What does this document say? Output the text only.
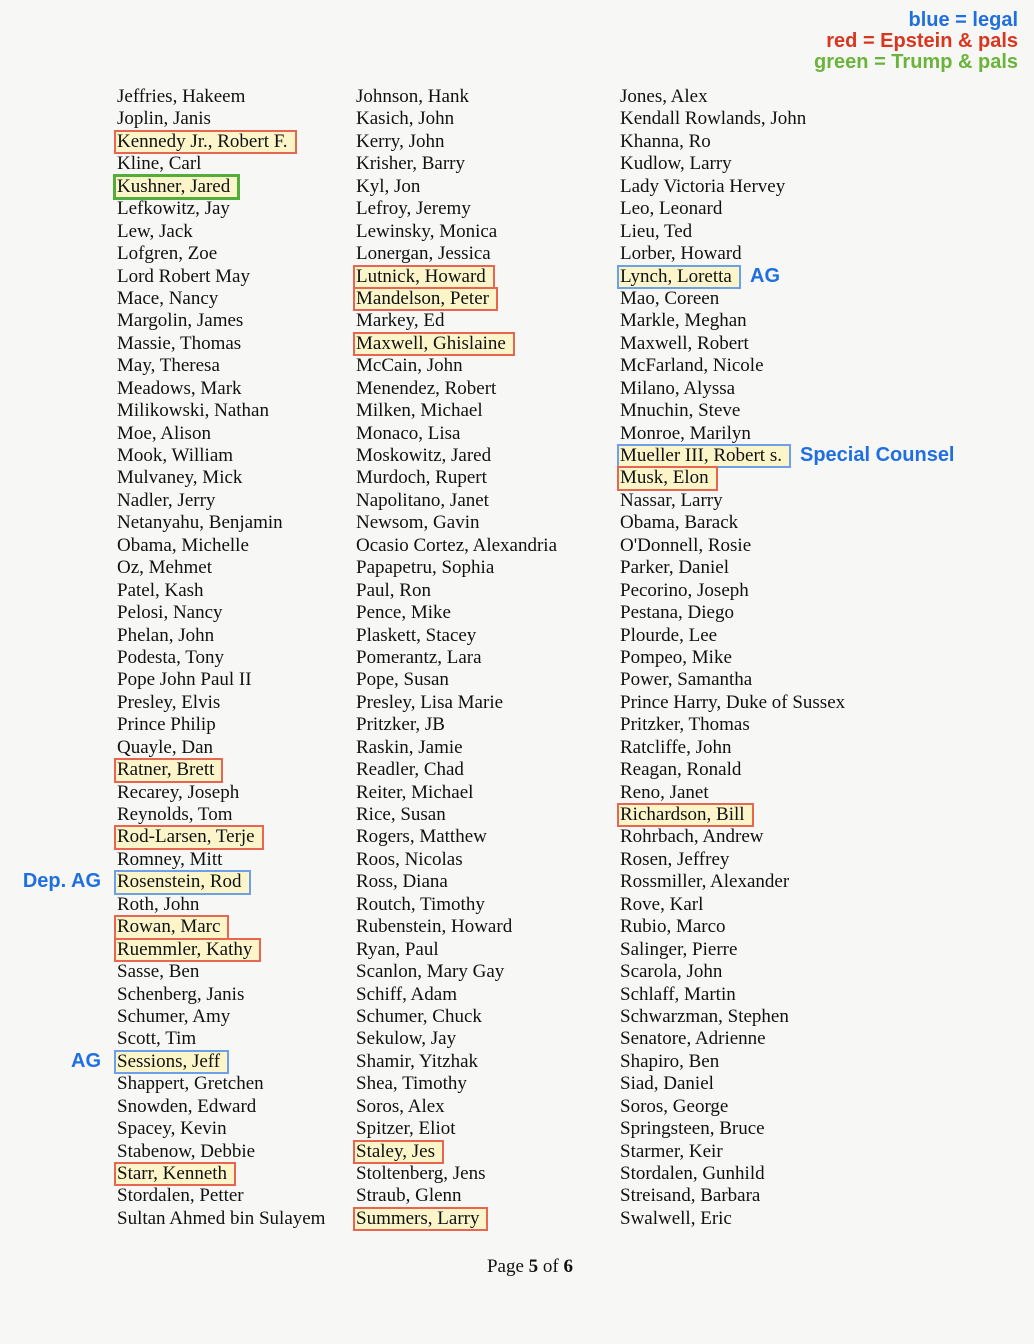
blue = legal
red = Epstein & pals
green = Trump & pals
Jeffries, Hakeem
Joplin, Janis
Kennedy Jr., Robert F.
Kline, Carl
Kushner, Jared
Lefkowitz, Jay
Lew, Jack
Lofgren, Zoe
Lord Robert May
Mace, Nancy
Margolin, James
Massie, Thomas
May, Theresa
Meadows, Mark
Milikowski, Nathan
Moe, Alison
Mook, William
Mulvaney, Mick
Nadler, Jerry
Netanyahu, Benjamin
Obama, Michelle
Oz, Mehmet
Patel, Kash
Pelosi, Nancy
Phelan, John
Podesta, Tony
Pope John Paul II
Presley, Elvis
Prince Philip
Quayle, Dan
Ratner, Brett
Recarey, Joseph
Reynolds, Tom
Rod-Larsen, Terje
Romney, Mitt
Rosenstein, Rod
Dep. AG
Roth, John
Rowan, Marc
Ruemmler, Kathy
Sasse, Ben
Schenberg, Janis
Schumer, Amy
Scott, Tim
Sessions, Jeff
AG
Shappert, Gretchen
Snowden, Edward
Spacey, Kevin
Stabenow, Debbie
Starr, Kenneth
Stordalen, Petter
Sultan Ahmed bin Sulayem
Johnson, Hank
Kasich, John
Kerry, John
Krisher, Barry
Kyl, Jon
Lefroy, Jeremy
Lewinsky, Monica
Lonergan, Jessica
Lutnick, Howard
Mandelson, Peter
Markey, Ed
Maxwell, Ghislaine
McCain, John
Menendez, Robert
Milken, Michael
Monaco, Lisa
Moskowitz, Jared
Murdoch, Rupert
Napolitano, Janet
Newsom, Gavin
Ocasio Cortez, Alexandria
Papapetru, Sophia
Paul, Ron
Pence, Mike
Plaskett, Stacey
Pomerantz, Lara
Pope, Susan
Presley, Lisa Marie
Pritzker, JB
Raskin, Jamie
Readler, Chad
Reiter, Michael
Rice, Susan
Rogers, Matthew
Roos, Nicolas
Ross, Diana
Routch, Timothy
Rubenstein, Howard
Ryan, Paul
Scanlon, Mary Gay
Schiff, Adam
Schumer, Chuck
Sekulow, Jay
Shamir, Yitzhak
Shea, Timothy
Soros, Alex
Spitzer, Eliot
Staley, Jes
Stoltenberg, Jens
Straub, Glenn
Summers, Larry
Jones, Alex
Kendall Rowlands, John
Khanna, Ro
Kudlow, Larry
Lady Victoria Hervey
Leo, Leonard
Lieu, Ted
Lorber, Howard
Lynch, Loretta AG
Mao, Coreen
Markle, Meghan
Maxwell, Robert
McFarland, Nicole
Milano, Alyssa
Mnuchin, Steve
Monroe, Marilyn
Mueller III, Robert s. Special Counsel
Musk, Elon
Nassar, Larry
Obama, Barack
O'Donnell, Rosie
Parker, Daniel
Pecorino, Joseph
Pestana, Diego
Plourde, Lee
Pompeo, Mike
Power, Samantha
Prince Harry, Duke of Sussex
Pritzker, Thomas
Ratcliffe, John
Reagan, Ronald
Reno, Janet
Richardson, Bill
Rohrbach, Andrew
Rosen, Jeffrey
Rossmiller, Alexander
Rove, Karl
Rubio, Marco
Salinger, Pierre
Scarola, John
Schlaff, Martin
Schwarzman, Stephen
Senatore, Adrienne
Shapiro, Ben
Siad, Daniel
Soros, George
Springsteen, Bruce
Starmer, Keir
Stordalen, Gunhild
Streisand, Barbara
Swalwell, Eric
Page 5 of 6
